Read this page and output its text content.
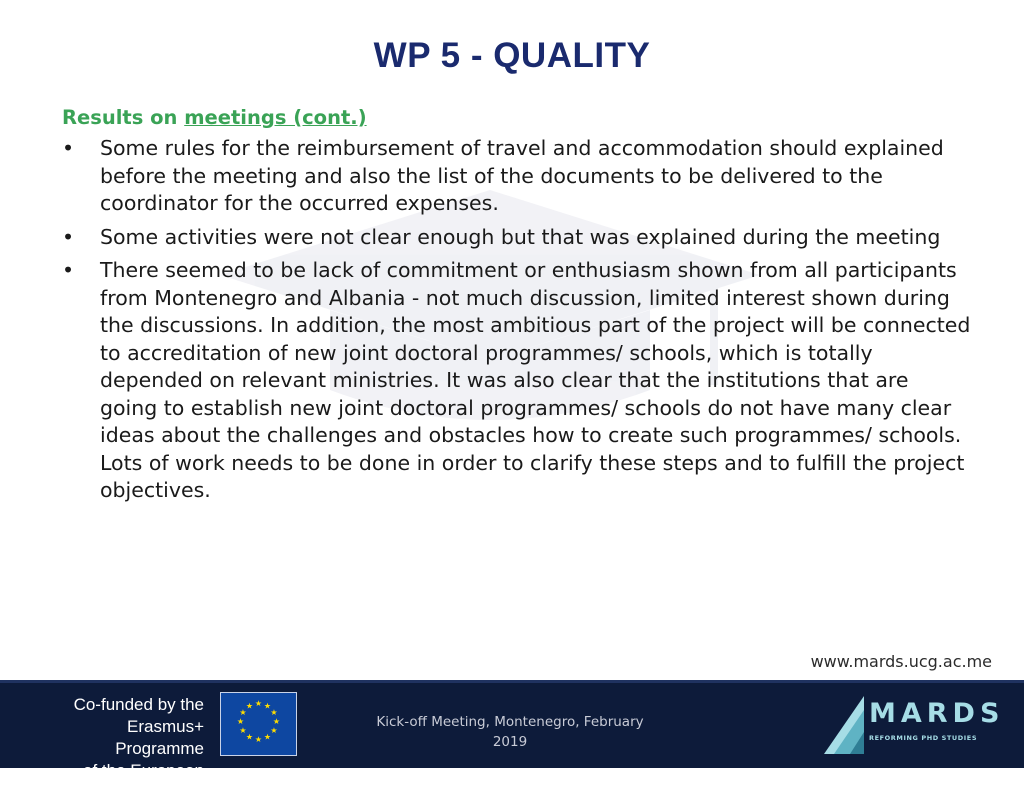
WP 5 - QUALITY
Results on meetings (cont.)
• Some rules for the reimbursement of travel and accommodation should explained before the meeting and also the list of the documents to be delivered to the coordinator for the occurred expenses.
• Some activities were not clear enough but that was explained during the meeting
• There seemed to be lack of commitment or enthusiasm shown from all participants from Montenegro and Albania - not much discussion, limited interest shown during the discussions. In addition, the most ambitious part of the project will be connected to accreditation of new joint doctoral programmes/ schools, which is totally depended on relevant ministries. It was also clear that the institutions that are going to establish new joint doctoral programmes/ schools do not have many clear ideas about the challenges and obstacles how to create such programmes/ schools. Lots of work needs to be done in order to clarify these steps and to fulfill the project objectives.
www.mards.ucg.ac.me
Co-funded by the
Erasmus+ Programme
of the European Union
★ ★
★
★
★
★
★
★
★
★
★
★
Kick-off Meeting, Montenegro, February
2019
MARDS
REFORMING PHD STUDIES
